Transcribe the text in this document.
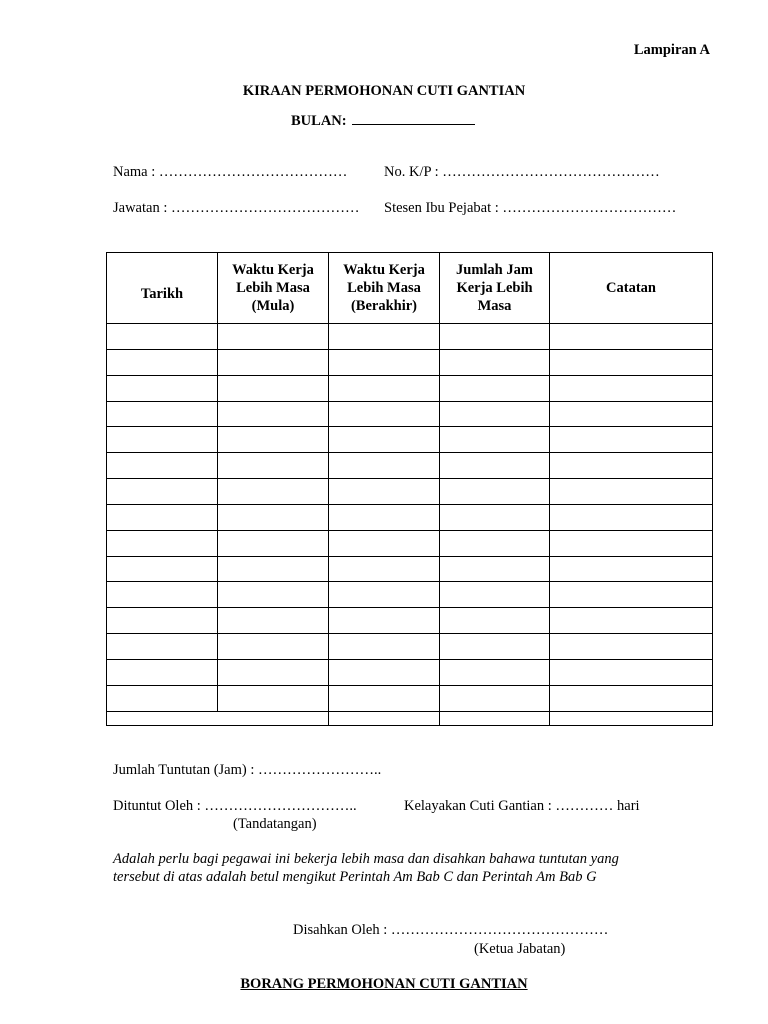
Lampiran A
KIRAAN PERMOHONAN CUTI GANTIAN
BULAN:
Nama : …………………………………	No. K/P : ………………………………………
Jawatan : ………………………………… Stesen Ibu Pejabat : ………………………………
Tarikh	Waktu Kerja Lebih Masa (Mula)	Waktu Kerja Lebih Masa (Berakhir)	Jumlah Jam Kerja Lebih Masa	Catatan

Jumlah Tuntutan (Jam) : ……………………..
Dituntut Oleh : …………………………..	Kelayakan Cuti Gantian : ………… hari
(Tandatangan)
Adalah perlu bagi pegawai ini bekerja lebih masa dan disahkan bahawa tuntutan yang
tersebut di atas adalah betul mengikut Perintah Am Bab C dan Perintah Am Bab G
Disahkan Oleh : ………………………………………
(Ketua Jabatan)
BORANG PERMOHONAN CUTI GANTIAN
